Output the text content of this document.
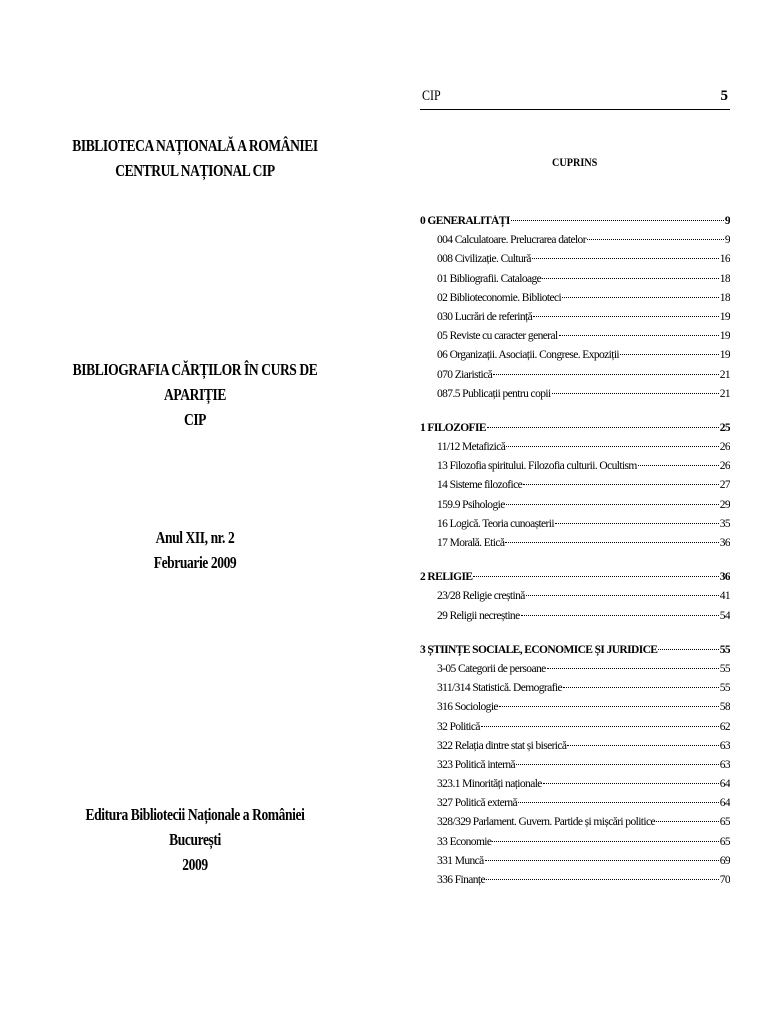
BIBLIOTECA NAȚIONALĂ A ROMÂNIEI
CENTRUL NAȚIONAL CIP
BIBLIOGRAFIA CĂRȚILOR ÎN CURS DE
APARIȚIE
CIP
Anul XII, nr. 2
Februarie 2009
Editura Bibliotecii Naționale a României
București
2009
CIP	5
CUPRINS
0 GENERALITĂȚI	9
004 Calculatoare. Prelucrarea datelor	9
008 Civilizație. Cultură	16
01 Bibliografii. Cataloage	18
02 Biblioteconomie. Biblioteci	18
030 Lucrări de referință	19
05 Reviste cu caracter general	19
06 Organizații. Asociații. Congrese. Expoziții	19
070 Ziaristică	21
087.5 Publicații pentru copii	21
1 FILOZOFIE	25
11/12 Metafizică	26
13 Filozofia spiritului. Filozofia culturii. Ocultism	26
14 Sisteme filozofice	27
159.9 Psihologie	29
16 Logică. Teoria cunoașterii	35
17 Morală. Etică	36
2 RELIGIE	36
23/28 Religie creștină	41
29 Religii necreștine	54
3 ȘTIINȚE SOCIALE, ECONOMICE ȘI JURIDICE	55
3-05 Categorii de persoane	55
311/314 Statistică. Demografie	55
316 Sociologie	58
32 Politică	62
322 Relația dintre stat și biserică	63
323 Politică internă	63
323.1 Minorități naționale	64
327 Politică externă	64
328/329 Parlament. Guvern. Partide și mișcări politice	65
33 Economie	65
331 Muncă	69
336 Finanțe	70
